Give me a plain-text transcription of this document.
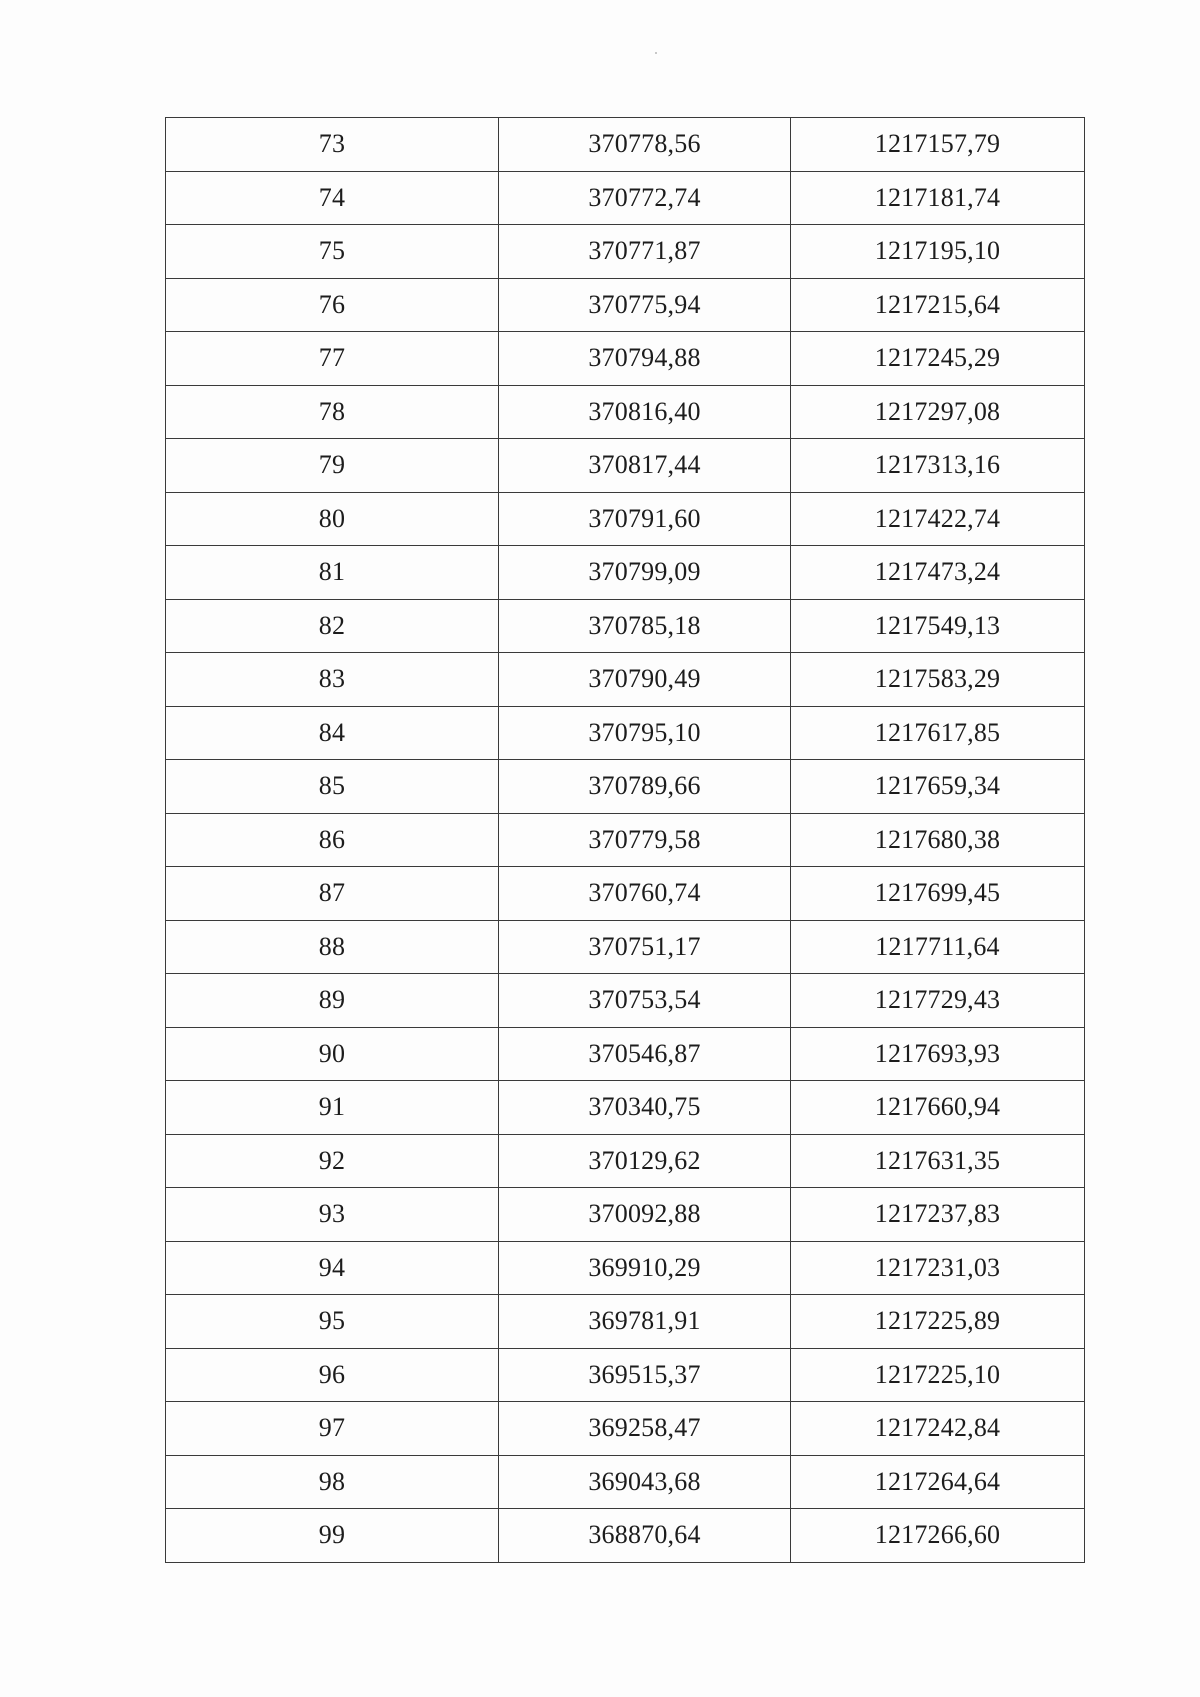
73	370778,56	1217157,79
74	370772,74	1217181,74
75	370771,87	1217195,10
76	370775,94	1217215,64
77	370794,88	1217245,29
78	370816,40	1217297,08
79	370817,44	1217313,16
80	370791,60	1217422,74
81	370799,09	1217473,24
82	370785,18	1217549,13
83	370790,49	1217583,29
84	370795,10	1217617,85
85	370789,66	1217659,34
86	370779,58	1217680,38
87	370760,74	1217699,45
88	370751,17	1217711,64
89	370753,54	1217729,43
90	370546,87	1217693,93
91	370340,75	1217660,94
92	370129,62	1217631,35
93	370092,88	1217237,83
94	369910,29	1217231,03
95	369781,91	1217225,89
96	369515,37	1217225,10
97	369258,47	1217242,84
98	369043,68	1217264,64
99	368870,64	1217266,60
